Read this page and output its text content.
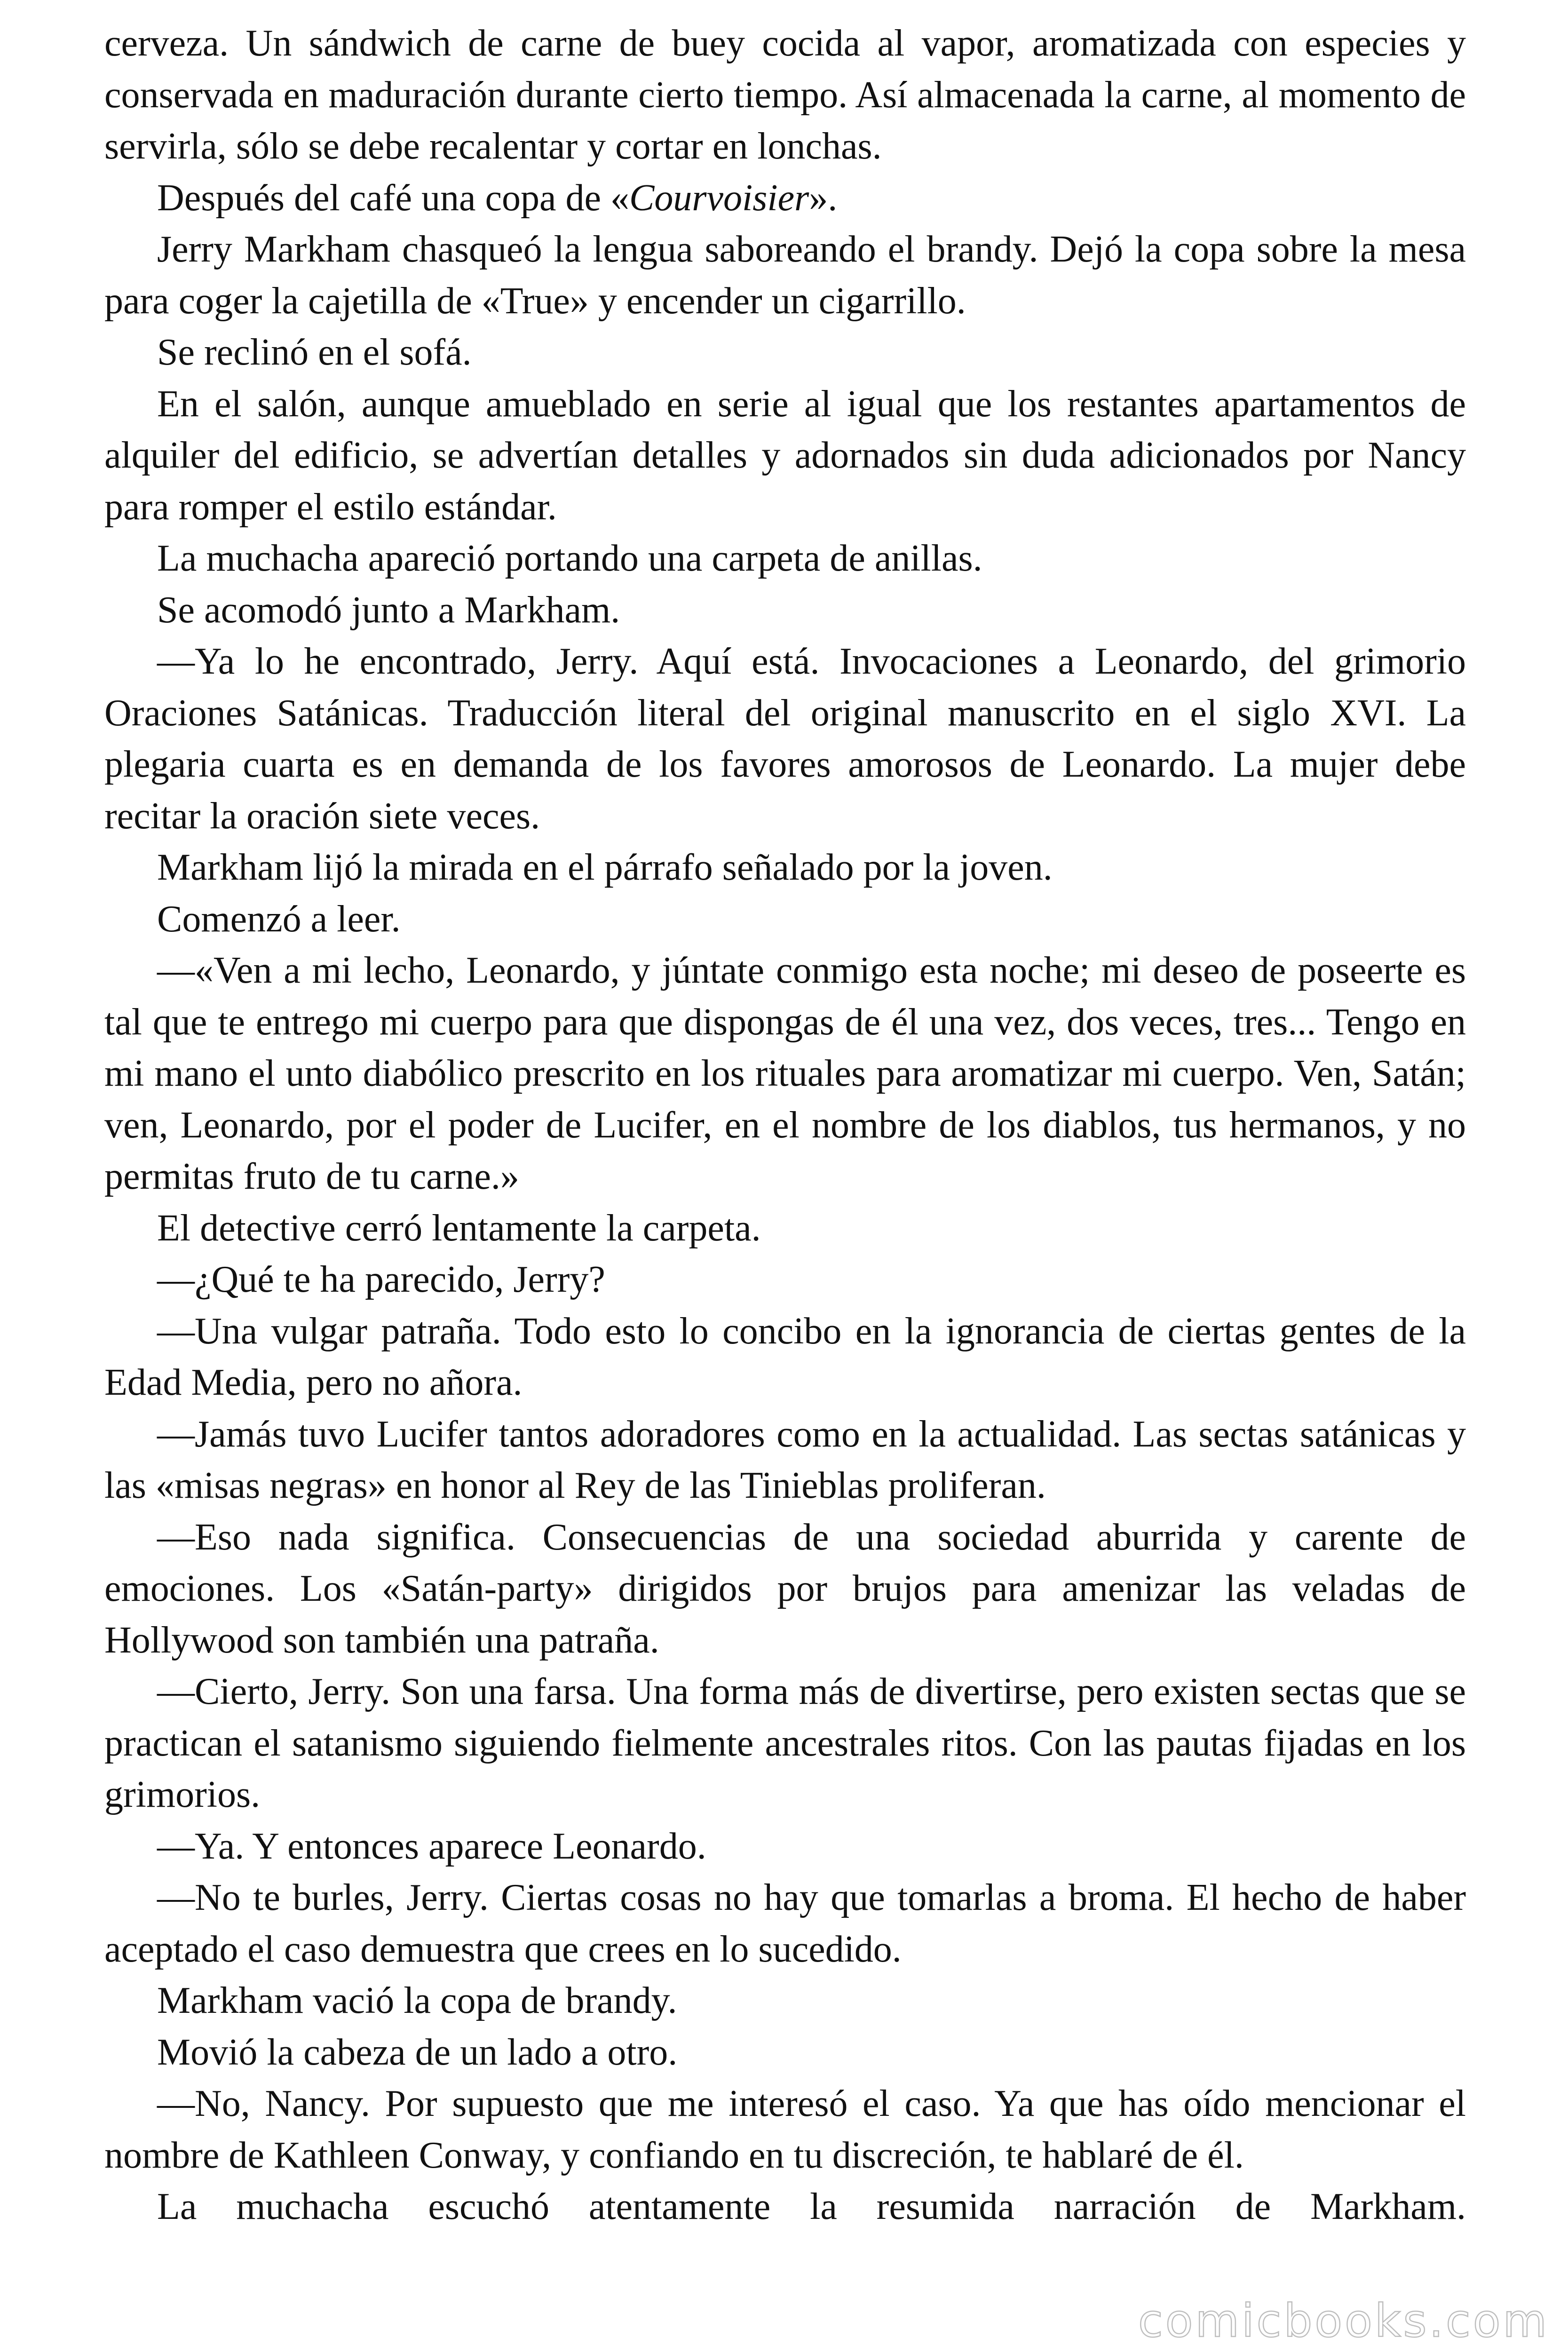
cerveza. Un sándwich de carne de buey cocida al vapor, aromatizada con especies y conservada en maduración durante cierto tiempo. Así almacenada la carne, al momento de servirla, sólo se debe recalentar y cortar en lonchas.

Después del café una copa de «Courvoisier».

Jerry Markham chasqueó la lengua saboreando el brandy. Dejó la copa sobre la mesa para coger la cajetilla de «True» y encender un cigarrillo.

Se reclinó en el sofá.

En el salón, aunque amueblado en serie al igual que los restantes apartamentos de alquiler del edificio, se advertían detalles y adornados sin duda adicionados por Nancy para romper el estilo estándar.

La muchacha apareció portando una carpeta de anillas.

Se acomodó junto a Markham.

—Ya lo he encontrado, Jerry. Aquí está. Invocaciones a Leonardo, del grimorio Oraciones Satánicas. Traducción literal del original manuscrito en el siglo XVI. La plegaria cuarta es en demanda de los favores amorosos de Leonardo. La mujer debe recitar la oración siete veces.

Markham lijó la mirada en el párrafo señalado por la joven.

Comenzó a leer.

—«Ven a mi lecho, Leonardo, y júntate conmigo esta noche; mi deseo de poseerte es tal que te entrego mi cuerpo para que dispongas de él una vez, dos veces, tres... Tengo en mi mano el unto diabólico prescrito en los rituales para aromatizar mi cuerpo. Ven, Satán; ven, Leonardo, por el poder de Lucifer, en el nombre de los diablos, tus hermanos, y no permitas fruto de tu carne.»

El detective cerró lentamente la carpeta.

—¿Qué te ha parecido, Jerry?

—Una vulgar patraña. Todo esto lo concibo en la ignorancia de ciertas gentes de la Edad Media, pero no añora.

—Jamás tuvo Lucifer tantos adoradores como en la actualidad. Las sectas satánicas y las «misas negras» en honor al Rey de las Tinieblas proliferan.

—Eso nada significa. Consecuencias de una sociedad aburrida y carente de emociones. Los «Satán-party» dirigidos por brujos para amenizar las veladas de Hollywood son también una patraña.

—Cierto, Jerry. Son una farsa. Una forma más de divertirse, pero existen sectas que se practican el satanismo siguiendo fielmente ancestrales ritos. Con las pautas fijadas en los grimorios.

—Ya. Y entonces aparece Leonardo.

—No te burles, Jerry. Ciertas cosas no hay que tomarlas a broma. El hecho de haber aceptado el caso demuestra que crees en lo sucedido.

Markham vació la copa de brandy.

Movió la cabeza de un lado a otro.

—No, Nancy. Por supuesto que me interesó el caso. Ya que has oído mencionar el nombre de Kathleen Conway, y confiando en tu discreción, te hablaré de él.

La muchacha escuchó atentamente la resumida narración de Markham.

comicbooks.com
